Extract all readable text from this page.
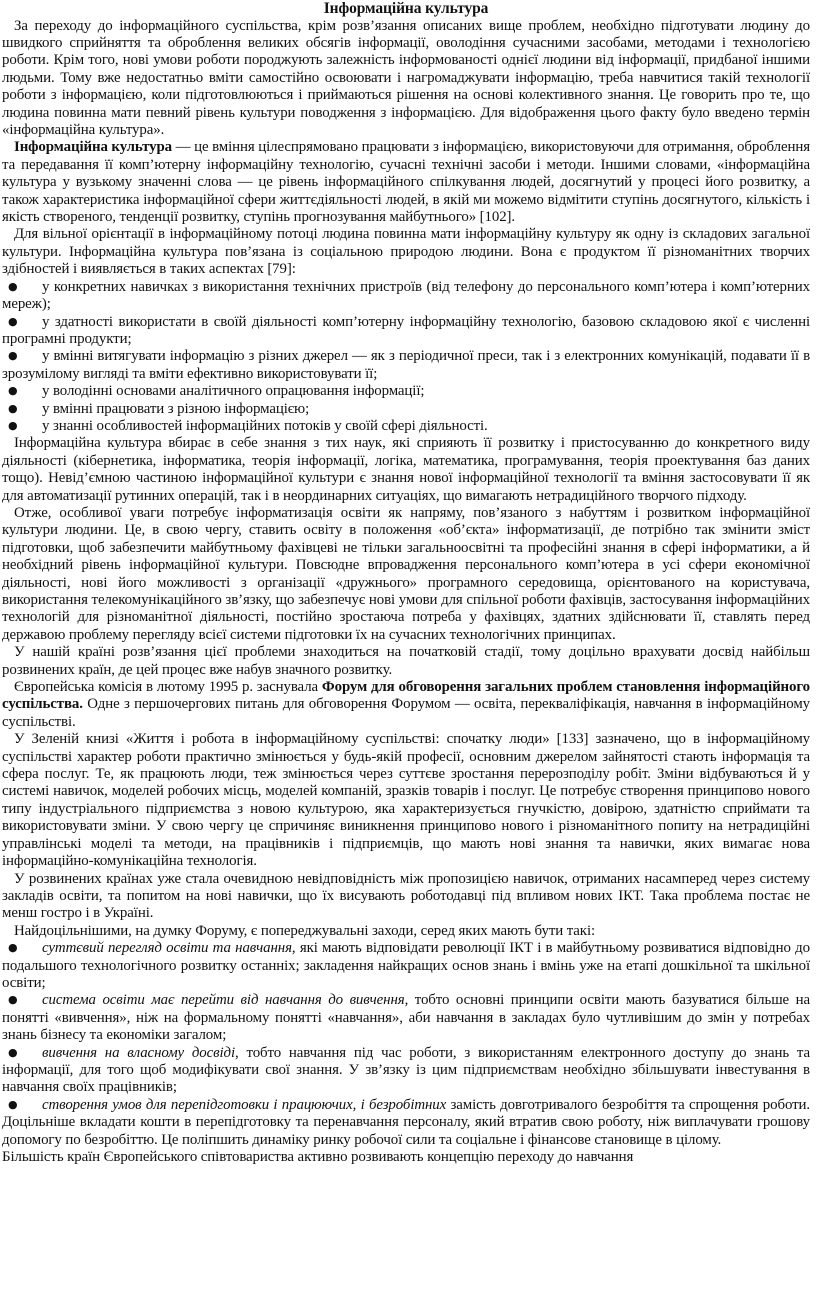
Інформаційна культура

За переходу до інформаційного суспільства, крім розв’язання описаних вище проблем, необхідно підготувати людину до швидкого сприйняття та оброблення великих обсягів інформації, оволодіння сучасними засобами, методами і технологією роботи. Крім того, нові умови роботи породжують залежність інформованості однієї людини від інформації, придбаної іншими людьми. Тому вже недостатньо вміти самостійно освоювати і нагромаджувати інформацію, треба навчитися такій технології роботи з інформацією, коли підготовлюються і приймаються рішення на основі колективного знання. Це говорить про те, що людина повинна мати певний рівень культури поводження з інформацією. Для відображення цього факту було введено термін «інформаційна культура».

Інформаційна культура — це вміння цілеспрямовано працювати з інформацією, використовуючи для отримання, оброблення та передавання її комп’ютерну інформаційну технологію, сучасні технічні засоби і методи. Іншими словами, «інформаційна культура у вузькому значенні слова — це рівень інформаційного спілкування людей, досягнутий у процесі його розвитку, а також характеристика інформаційної сфери життєдіяльності людей, в якій ми можемо відмітити ступінь досягнутого, кількість і якість створеного, тенденції розвитку, ступінь прогнозування майбутнього» [102].

Для вільної орієнтації в інформаційному потоці людина повинна мати інформаційну культуру як одну із складових загальної культури. Інформаційна культура пов’язана із соціальною природою людини. Вона є продуктом її різноманітних творчих здібностей і виявляється в таких аспектах [79]:

● у конкретних навичках з використання технічних пристроїв (від телефону до персонального комп’ютера і комп’ютерних мереж);
● у здатності використати в своїй діяльності комп’ютерну інформаційну технологію, базовою складовою якої є численні програмні продукти;
● у вмінні витягувати інформацію з різних джерел — як з періодичної преси, так і з електронних комунікацій, подавати її в зрозумілому вигляді та вміти ефективно використовувати її;
● у володінні основами аналітичного опрацювання інформації;
● у вмінні працювати з різною інформацією;
● у знанні особливостей інформаційних потоків у своїй сфері діяльності.

Інформаційна культура вбирає в себе знання з тих наук, які сприяють її розвитку і пристосуванню до конкретного виду діяльності (кібернетика, інформатика, теорія інформації, логіка, математика, програмування, теорія проектування баз даних тощо). Невід’ємною частиною інформаційної культури є знання нової інформаційної технології та вміння застосовувати її як для автоматизації рутинних операцій, так і в неординарних ситуаціях, що вимагають нетрадиційного творчого підходу.

Отже, особливої уваги потребує інформатизація освіти як напряму, пов’язаного з набуттям і розвитком інформаційної культури людини. Це, в свою чергу, ставить освіту в положення «об’єкта» інформатизації, де потрібно так змінити зміст підготовки, щоб забезпечити майбутньому фахівцеві не тільки загальноосвітні та професійні знання в сфері інформатики, а й необхідний рівень інформаційної культури. Повсюдне впровадження персонального комп’ютера в усі сфери економічної діяльності, нові його можливості з організації «дружнього» програмного середовища, орієнтованого на користувача, використання телекомунікаційного зв’язку, що забезпечує нові умови для спільної роботи фахівців, застосування інформаційних технологій для різноманітної діяльності, постійно зростаюча потреба у фахівцях, здатних здійснювати її, ставлять перед державою проблему перегляду всієї системи підготовки їх на сучасних технологічних принципах.

У нашій країні розв’язання цієї проблеми знаходиться на початковій стадії, тому доцільно врахувати досвід найбільш розвинених країн, де цей процес вже набув значного розвитку.

Європейська комісія в лютому 1995 р. заснувала Форум для обговорення загальних проблем становлення інформаційного суспільства. Одне з першочергових питань для обговорення Форумом — освіта, перекваліфікація, навчання в інформаційному суспільстві.

У Зеленій книзі «Життя і робота в інформаційному суспільстві: спочатку люди» [133] зазначено, що в інформаційному суспільстві характер роботи практично змінюється у будь-якій професії, основним джерелом зайнятості стають інформація та сфера послуг. Те, як працюють люди, теж змінюється через суттєве зростання перерозподілу робіт. Зміни відбуваються й у системі навичок, моделей робочих місць, моделей компаній, зразків товарів і послуг. Це потребує створення принципово нового типу індустріального підприємства з новою культурою, яка характеризується гнучкістю, довірою, здатністю сприймати та використовувати зміни. У свою чергу це спричиняє виникнення принципово нового і різноманітного попиту на нетрадиційні управлінські моделі та методи, на працівників і підприємців, що мають нові знання та навички, яких вимагає нова інформаційно-комунікаційна технологія.

У розвинених країнах уже стала очевидною невідповідність між пропозицією навичок, отриманих насамперед через систему закладів освіти, та попитом на нові навички, що їх висувають роботодавці під впливом нових ІКТ. Така проблема постає не менш гостро і в Україні.

Найдоцільнішими, на думку Форуму, є попереджувальні заходи, серед яких мають бути такі:

● суттєвий перегляд освіти та навчання, які мають відповідати революції ІКТ і в майбутньому розвиватися відповідно до подальшого технологічного розвитку останніх; закладення найкращих основ знань і вмінь уже на етапі дошкільної та шкільної освіти;
● система освіти має перейти від навчання до вивчення, тобто основні принципи освіти мають базуватися більше на понятті «вивчення», ніж на формальному понятті «навчання», аби навчання в закладах було чутливішим до змін у потребах знань бізнесу та економіки загалом;
● вивчення на власному досвіді, тобто навчання під час роботи, з використанням електронного доступу до знань та інформації, для того щоб модифікувати свої знання. У зв’язку із цим підприємствам необхідно збільшувати інвестування в навчання своїх працівників;
● створення умов для перепідготовки і працюючих, і безробітних замість довготривалого безробіття та спрощення роботи. Доцільніше вкладати кошти в перепідготовку та перенавчання персоналу, який втратив свою роботу, ніж виплачувати грошову допомогу по безробіттю. Це поліпшить динаміку ринку робочої сили та соціальне і фінансове становище в цілому.

Більшість країн Європейського співтовариства активно розвивають концепцію переходу до навчання
